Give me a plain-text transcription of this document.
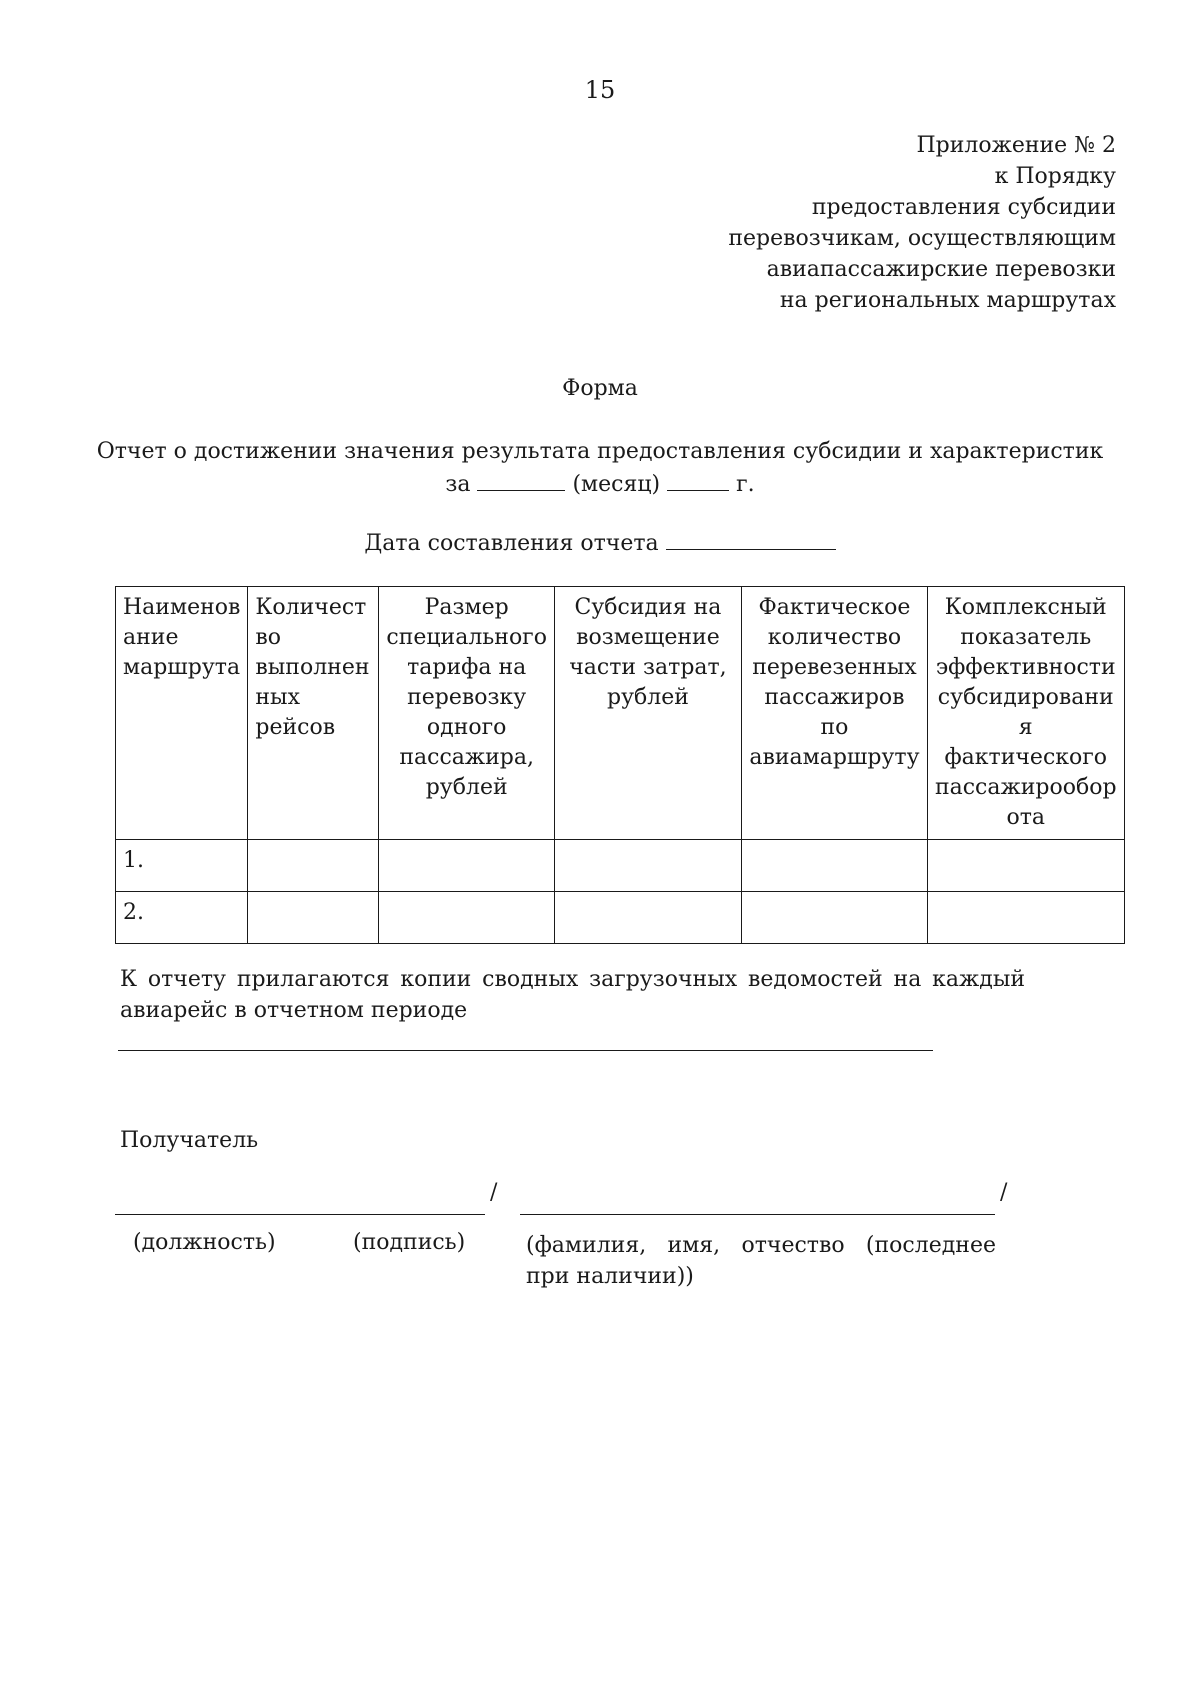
15
Приложение № 2
к Порядку
предоставления субсидии
перевозчикам, осуществляющим
авиапассажирские перевозки
на региональных маршрутах
Форма
Отчет о достижении значения результата предоставления субсидии и характеристик
за	(месяц)	г.
Дата составления отчета
Наименов ание маршрута	Количест во выполнен ных рейсов	Размер специального тарифа на перевозку одного пассажира, рублей	Субсидия на возмещение части затрат, рублей	Фактическое количество перевезенных пассажиров по авиамаршруту	Комплексный показатель эффективности субсидировани я фактического пассажирообор ота
1.					
2.					
К отчету прилагаются копии сводных загрузочных ведомостей на каждый авиарейс в отчетном периоде
Получатель
/	/
(должность)	(подпись)	(фамилия, имя, отчество (последнее при наличии))
